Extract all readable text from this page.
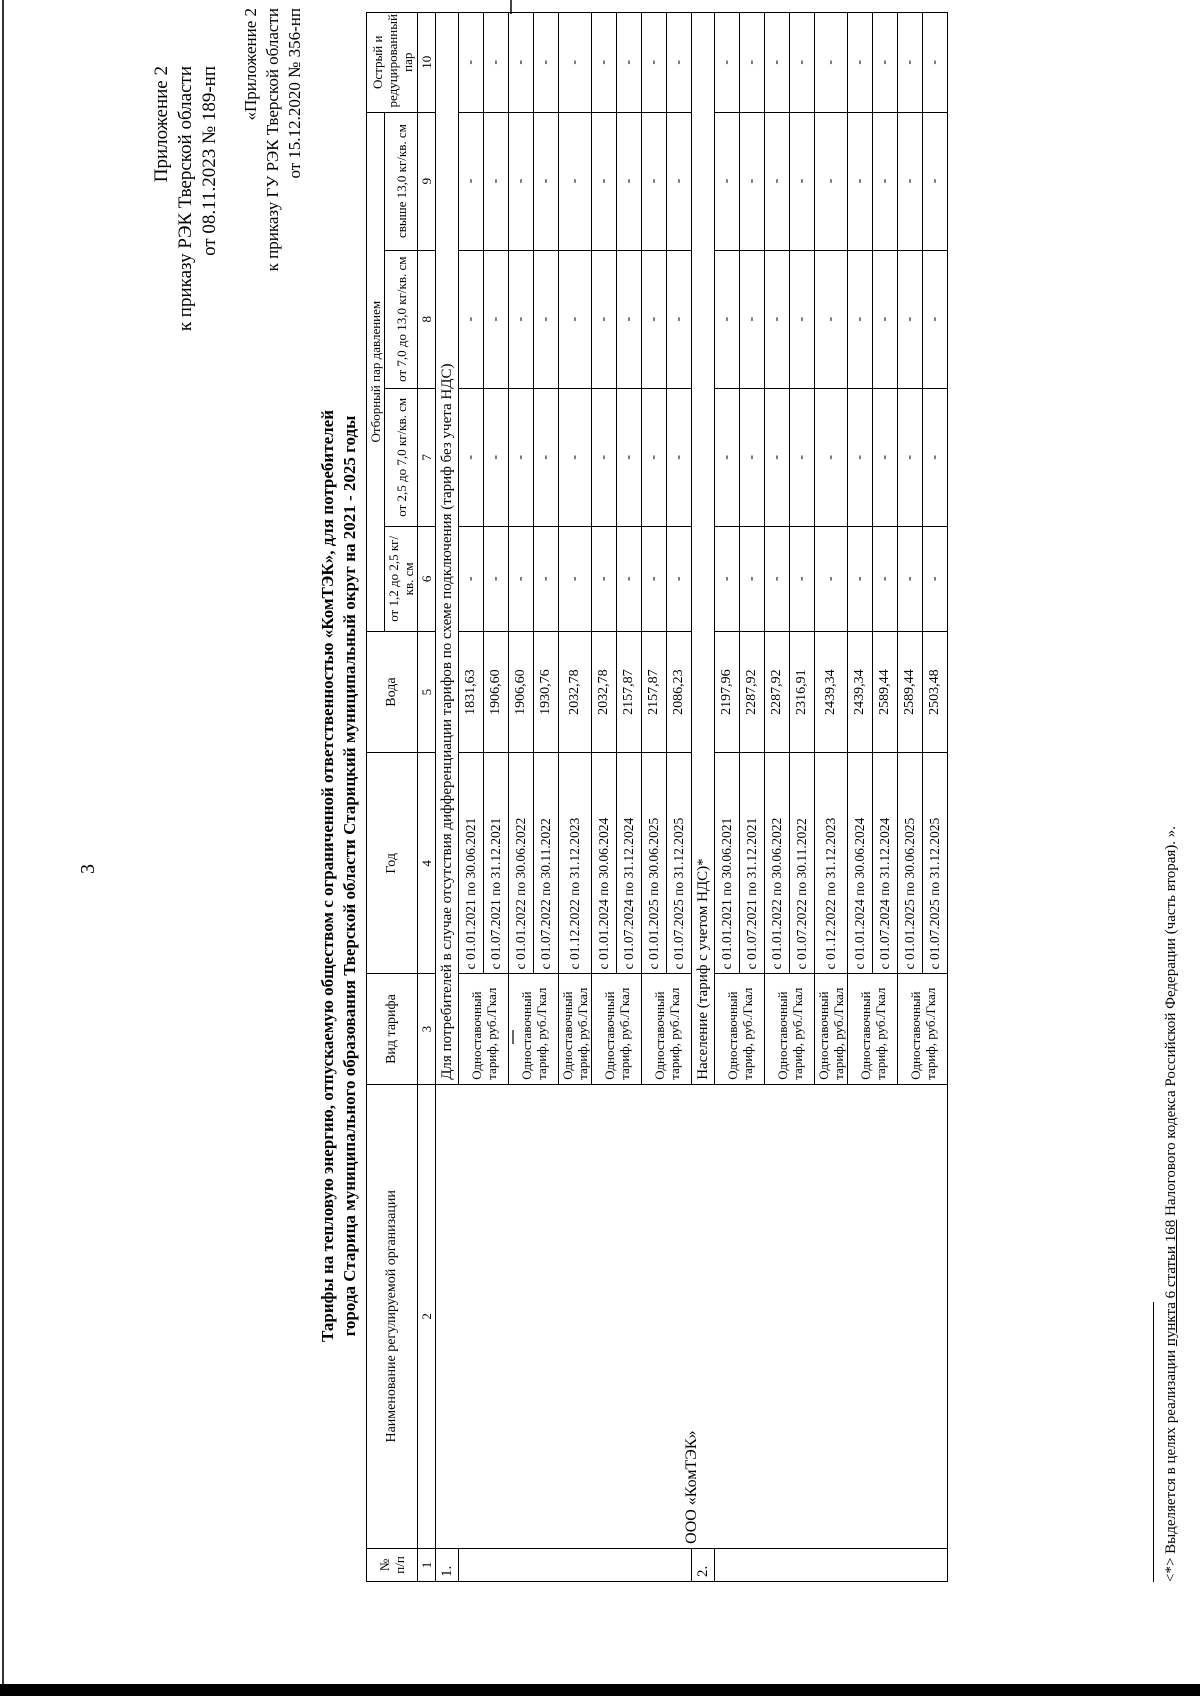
3
Приложение 2 к приказу РЭК Тверской области от 08.11.2023 № 189-нп
«Приложение 2 к приказу ГУ РЭК Тверской области от 15.12.2020 № 356-нп
Тарифы на тепловую энергию, отпускаемую обществом с ограниченной ответственностью «КомТЭК», для потребителей города Старица муниципального образования Тверской области Старицкий муниципальный округ на 2021 - 2025 годы
№ п/п	Наименование регулируемой организации	Вид тарифа	Год	Вода	Отборный пар давлением				Острый и редуцированный пар
					от 1,2 до 2,5 кг/кв. см	от 2,5 до 7,0 кг/кв. см	от 7,0 до 13,0 кг/кв. см	свыше 13,0 кг/кв. см	
1	2	3	4	5	6	7	8	9	10
1.	ООО «КомТЭК»	Для потребителей в случае отсутствия дифференциации тарифов по схеме подключения (тариф без учета НДС)							
		Одноставочный тариф, руб./Гкал	с 01.01.2021 по 30.06.2021	1831,63	-	-	-	-	-
			с 01.07.2021 по 31.12.2021	1906,60	-	-	-	-	-
		Одноставочный тариф, руб./Гкал	с 01.01.2022 по 30.06.2022	1906,60	-	-	-	-	-
			с 01.07.2022 по 30.11.2022	1930,76	-	-	-	-	-
		Одноставочный тариф, руб./Гкал	с 01.12.2022 по 31.12.2023	2032,78	-	-	-	-	-
		Одноставочный тариф, руб./Гкал	с 01.01.2024 по 30.06.2024	2032,78	-	-	-	-	-
			с 01.07.2024 по 31.12.2024	2157,87	-	-	-	-	-
		Одноставочный тариф, руб./Гкал	с 01.01.2025 по 30.06.2025	2157,87	-	-	-	-	-
			с 01.07.2025 по 31.12.2025	2086,23	-	-	-	-	-
2.		Население (тариф с учетом НДС)*							
		Одноставочный тариф, руб./Гкал	с 01.01.2021 по 30.06.2021	2197,96	-	-	-	-	-
			с 01.07.2021 по 31.12.2021	2287,92	-	-	-	-	-
		Одноставочный тариф, руб./Гкал	с 01.01.2022 по 30.06.2022	2287,92	-	-	-	-	-
			с 01.07.2022 по 30.11.2022	2316,91	-	-	-	-	-
		Одноставочный тариф, руб./Гкал	с 01.12.2022 по 31.12.2023	2439,34	-	-	-	-	-
		Одноставочный тариф, руб./Гкал	с 01.01.2024 по 30.06.2024	2439,34	-	-	-	-	-
			с 01.07.2024 по 31.12.2024	2589,44	-	-	-	-	-
		Одноставочный тариф, руб./Гкал	с 01.01.2025 по 30.06.2025	2589,44	-	-	-	-	-
			с 01.07.2025 по 31.12.2025	2503,48	-	-	-	-	-
<*> Выделяется в целях реализации пункта 6 статьи 168 Налогового кодекса Российской Федерации (часть вторая). ».
